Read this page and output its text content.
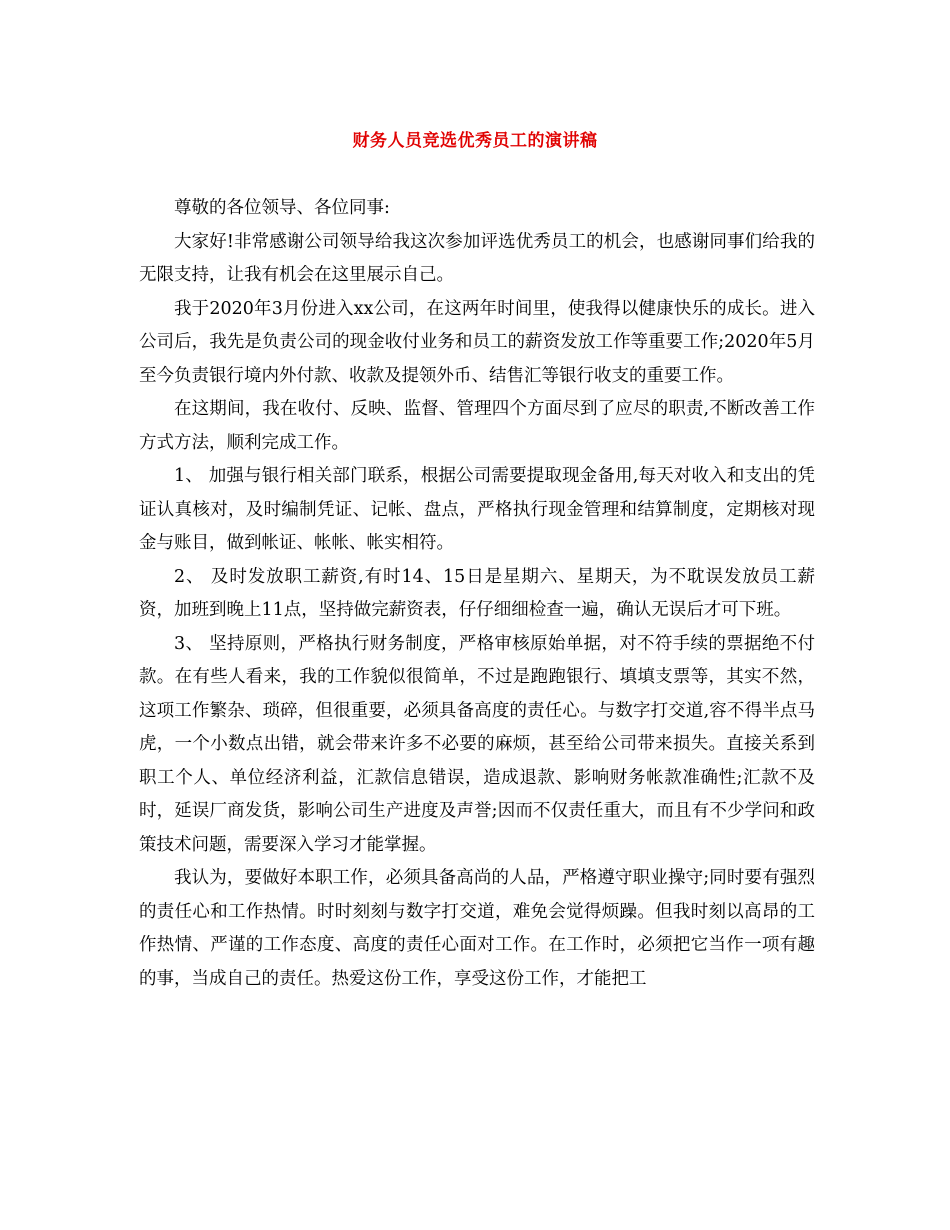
财务人员竞选优秀员工的演讲稿

尊敬的各位领导、各位同事:

大家好!非常感谢公司领导给我这次参加评选优秀员工的机会，也感谢同事们给我的无限支持，让我有机会在这里展示自己。

我于2020年3月份进入xx公司，在这两年时间里，使我得以健康快乐的成长。进入公司后，我先是负责公司的现金收付业务和员工的薪资发放工作等重要工作;2020年5月至今负责银行境内外付款、收款及提领外币、结售汇等银行收支的重要工作。

在这期间，我在收付、反映、监督、管理四个方面尽到了应尽的职责,不断改善工作方式方法，顺利完成工作。

1、 加强与银行相关部门联系，根据公司需要提取现金备用,每天对收入和支出的凭证认真核对，及时编制凭证、记帐、盘点，严格执行现金管理和结算制度，定期核对现金与账目，做到帐证、帐帐、帐实相符。

2、 及时发放职工薪资,有时14、15日是星期六、星期天，为不耽误发放员工薪资，加班到晚上11点，坚持做完薪资表，仔仔细细检查一遍，确认无误后才可下班。

3、 坚持原则，严格执行财务制度，严格审核原始单据，对不符手续的票据绝不付款。在有些人看来，我的工作貌似很简单，不过是跑跑银行、填填支票等，其实不然，这项工作繁杂、琐碎，但很重要，必须具备高度的责任心。与数字打交道,容不得半点马虎，一个小数点出错，就会带来许多不必要的麻烦，甚至给公司带来损失。直接关系到职工个人、单位经济利益，汇款信息错误，造成退款、影响财务帐款准确性;汇款不及时，延误厂商发货，影响公司生产进度及声誉;因而不仅责任重大，而且有不少学问和政策技术问题，需要深入学习才能掌握。

我认为，要做好本职工作，必须具备高尚的人品，严格遵守职业操守;同时要有强烈的责任心和工作热情。时时刻刻与数字打交道，难免会觉得烦躁。但我时刻以高昂的工作热情、严谨的工作态度、高度的责任心面对工作。在工作时，必须把它当作一项有趣的事，当成自己的责任。热爱这份工作，享受这份工作，才能把工
